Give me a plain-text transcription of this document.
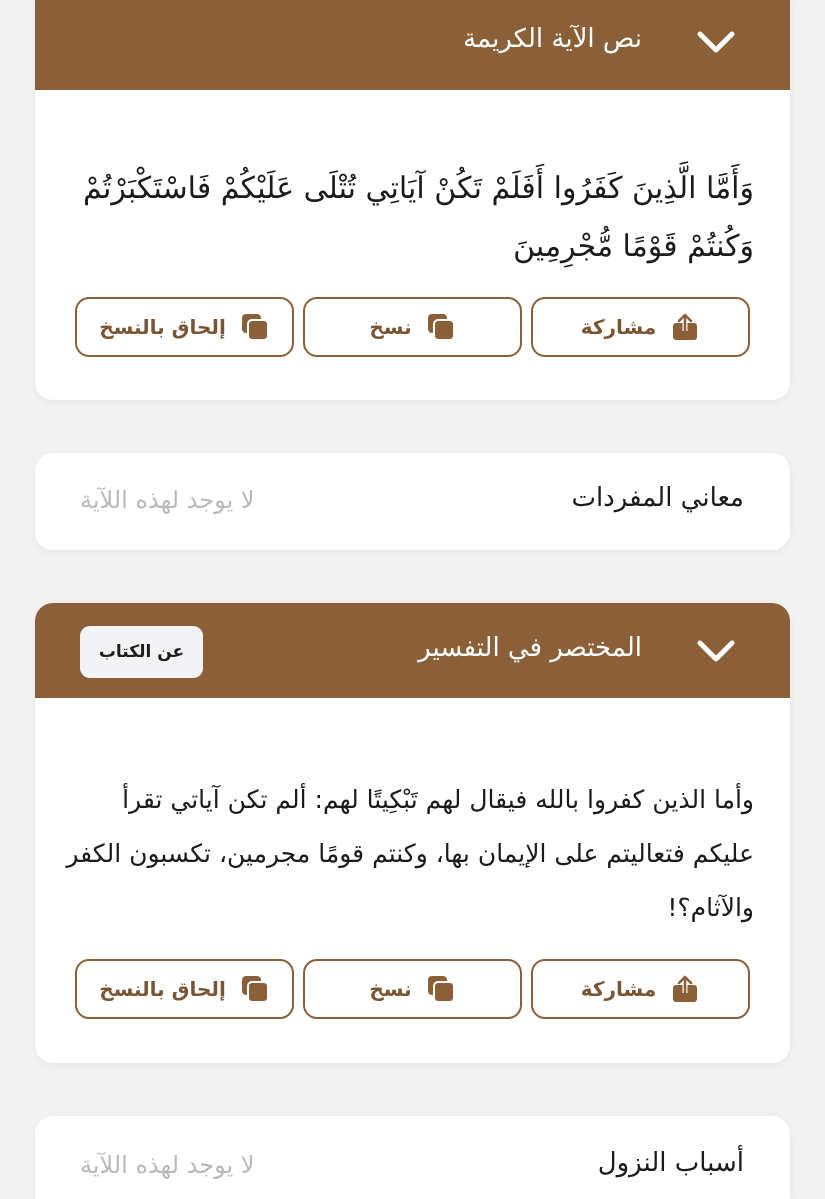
نص الآية الكريمة
وَأَمَّا الَّذِينَ كَفَرُوا أَفَلَمْ تَكُنْ آيَاتِي تُتْلَى عَلَيْكُمْ فَاسْتَكْبَرْتُمْ وَكُنتُمْ قَوْمًا مُّجْرِمِينَ
مشاركة
نسخ
إلحاق بالنسخ
معاني المفردات
لا يوجد لهذه اللآية
المختصر في التفسير
عن الكتاب
وأما الذين كفروا بالله فيقال لهم تَبْكِيتًا لهم: ألم تكن آياتي تقرأ عليكم فتعاليتم على الإيمان بها، وكنتم قومًا مجرمين، تكسبون الكفر والآثام؟!
مشاركة
نسخ
إلحاق بالنسخ
أسباب النزول
لا يوجد لهذه اللآية
